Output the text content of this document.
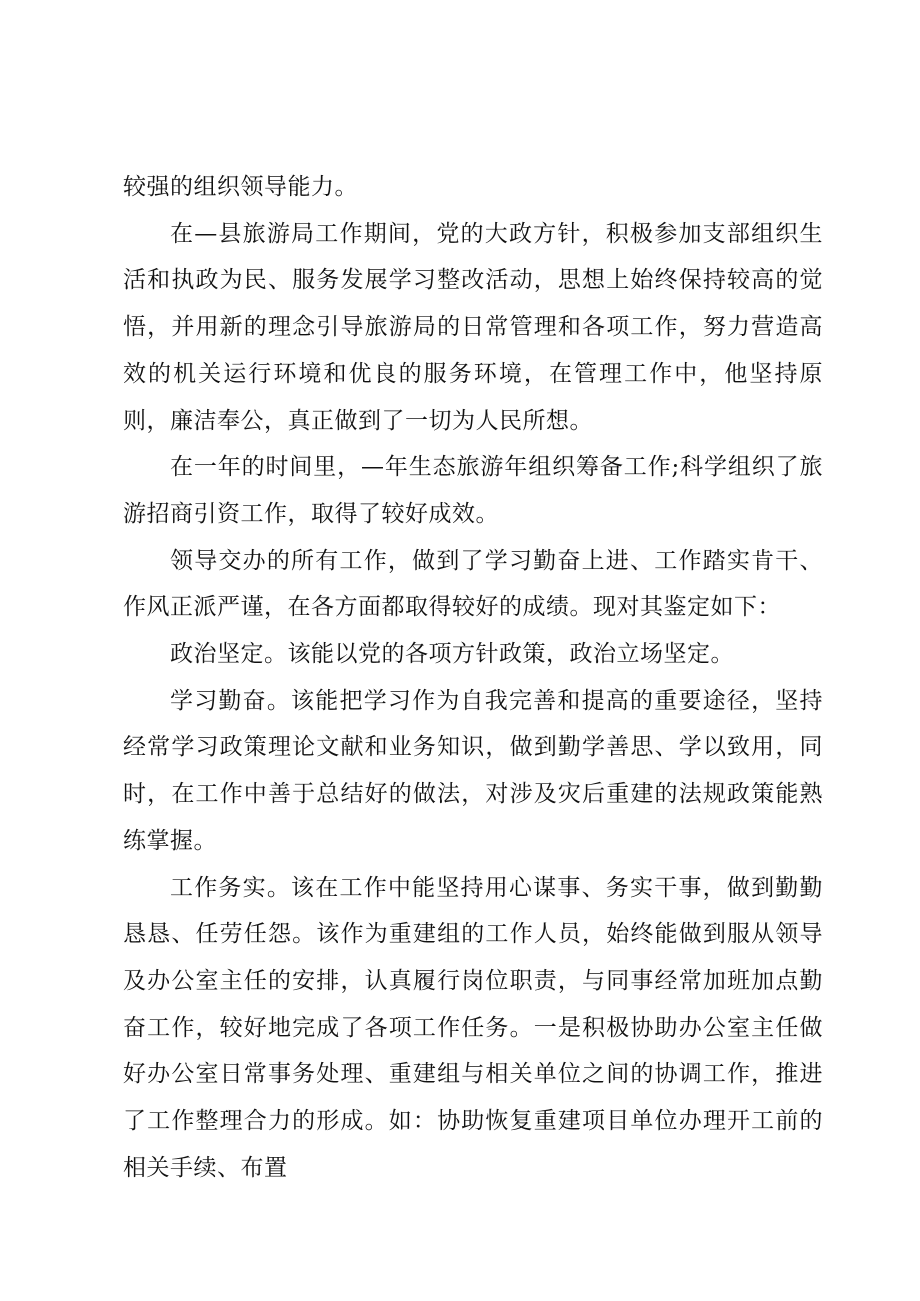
较强的组织领导能力。

在—县旅游局工作期间，党的大政方针，积极参加支部组织生活和执政为民、服务发展学习整改活动，思想上始终保持较高的觉悟，并用新的理念引导旅游局的日常管理和各项工作，努力营造高效的机关运行环境和优良的服务环境，在管理工作中，他坚持原则，廉洁奉公，真正做到了一切为人民所想。

在一年的时间里，—年生态旅游年组织筹备工作;科学组织了旅游招商引资工作，取得了较好成效。

领导交办的所有工作，做到了学习勤奋上进、工作踏实肯干、作风正派严谨，在各方面都取得较好的成绩。现对其鉴定如下：

政治坚定。该能以党的各项方针政策，政治立场坚定。

学习勤奋。该能把学习作为自我完善和提高的重要途径，坚持经常学习政策理论文献和业务知识，做到勤学善思、学以致用，同时，在工作中善于总结好的做法，对涉及灾后重建的法规政策能熟练掌握。

工作务实。该在工作中能坚持用心谋事、务实干事，做到勤勤恳恳、任劳任怨。该作为重建组的工作人员，始终能做到服从领导及办公室主任的安排，认真履行岗位职责，与同事经常加班加点勤奋工作，较好地完成了各项工作任务。一是积极协助办公室主任做好办公室日常事务处理、重建组与相关单位之间的协调工作，推进了工作整理合力的形成。如：协助恢复重建项目单位办理开工前的相关手续、布置
